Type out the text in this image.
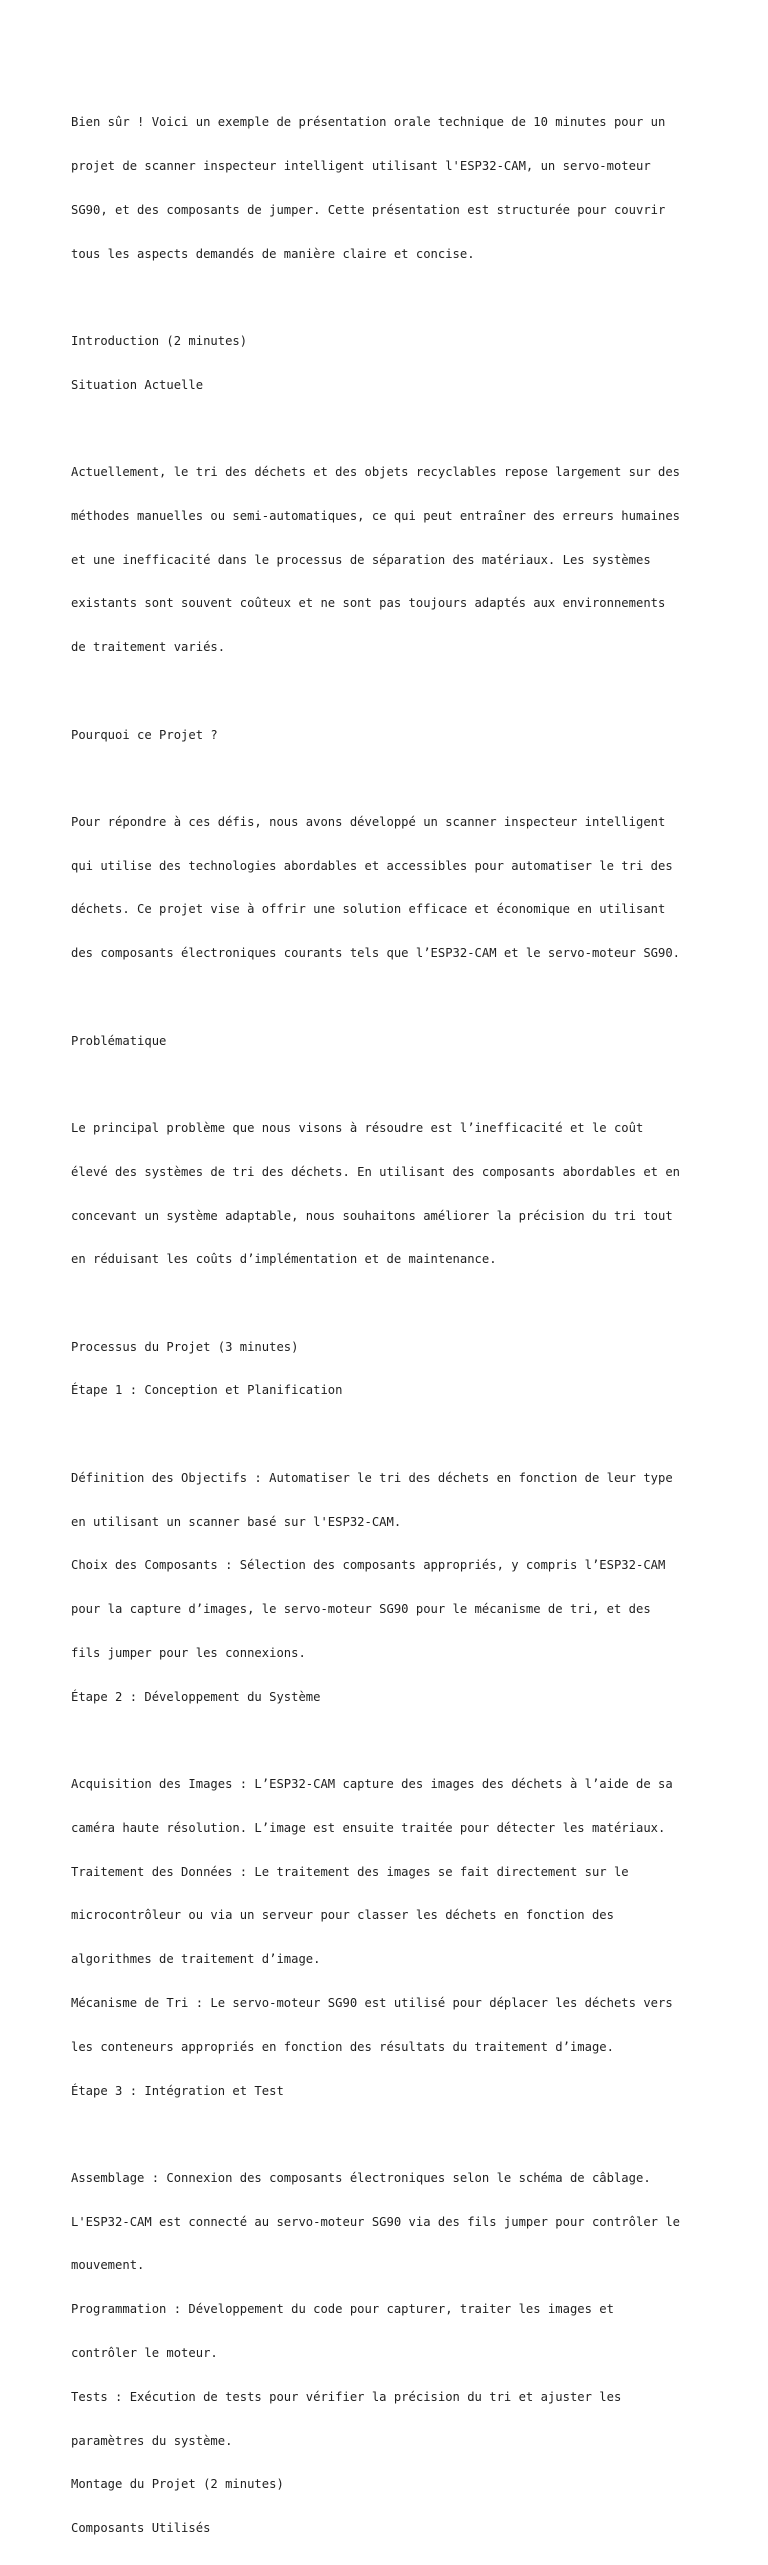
Bien sûr ! Voici un exemple de présentation orale technique de 10 minutes pour un

projet de scanner inspecteur intelligent utilisant l'ESP32-CAM, un servo-moteur

SG90, et des composants de jumper. Cette présentation est structurée pour couvrir

tous les aspects demandés de manière claire et concise.

Introduction (2 minutes)

Situation Actuelle

Actuellement, le tri des déchets et des objets recyclables repose largement sur des

méthodes manuelles ou semi-automatiques, ce qui peut entraîner des erreurs humaines

et une inefficacité dans le processus de séparation des matériaux. Les systèmes

existants sont souvent coûteux et ne sont pas toujours adaptés aux environnements

de traitement variés.

Pourquoi ce Projet ?

Pour répondre à ces défis, nous avons développé un scanner inspecteur intelligent

qui utilise des technologies abordables et accessibles pour automatiser le tri des

déchets. Ce projet vise à offrir une solution efficace et économique en utilisant

des composants électroniques courants tels que l’ESP32-CAM et le servo-moteur SG90.

Problématique

Le principal problème que nous visons à résoudre est l’inefficacité et le coût

élevé des systèmes de tri des déchets. En utilisant des composants abordables et en

concevant un système adaptable, nous souhaitons améliorer la précision du tri tout

en réduisant les coûts d’implémentation et de maintenance.

Processus du Projet (3 minutes)

Étape 1 : Conception et Planification

Définition des Objectifs : Automatiser le tri des déchets en fonction de leur type

en utilisant un scanner basé sur l'ESP32-CAM.

Choix des Composants : Sélection des composants appropriés, y compris l’ESP32-CAM

pour la capture d’images, le servo-moteur SG90 pour le mécanisme de tri, et des

fils jumper pour les connexions.

Étape 2 : Développement du Système

Acquisition des Images : L’ESP32-CAM capture des images des déchets à l’aide de sa

caméra haute résolution. L’image est ensuite traitée pour détecter les matériaux.

Traitement des Données : Le traitement des images se fait directement sur le

microcontrôleur ou via un serveur pour classer les déchets en fonction des

algorithmes de traitement d’image.

Mécanisme de Tri : Le servo-moteur SG90 est utilisé pour déplacer les déchets vers

les conteneurs appropriés en fonction des résultats du traitement d’image.

Étape 3 : Intégration et Test

Assemblage : Connexion des composants électroniques selon le schéma de câblage.

L'ESP32-CAM est connecté au servo-moteur SG90 via des fils jumper pour contrôler le

mouvement.

Programmation : Développement du code pour capturer, traiter les images et

contrôler le moteur.

Tests : Exécution de tests pour vérifier la précision du tri et ajuster les

paramètres du système.

Montage du Projet (2 minutes)

Composants Utilisés
